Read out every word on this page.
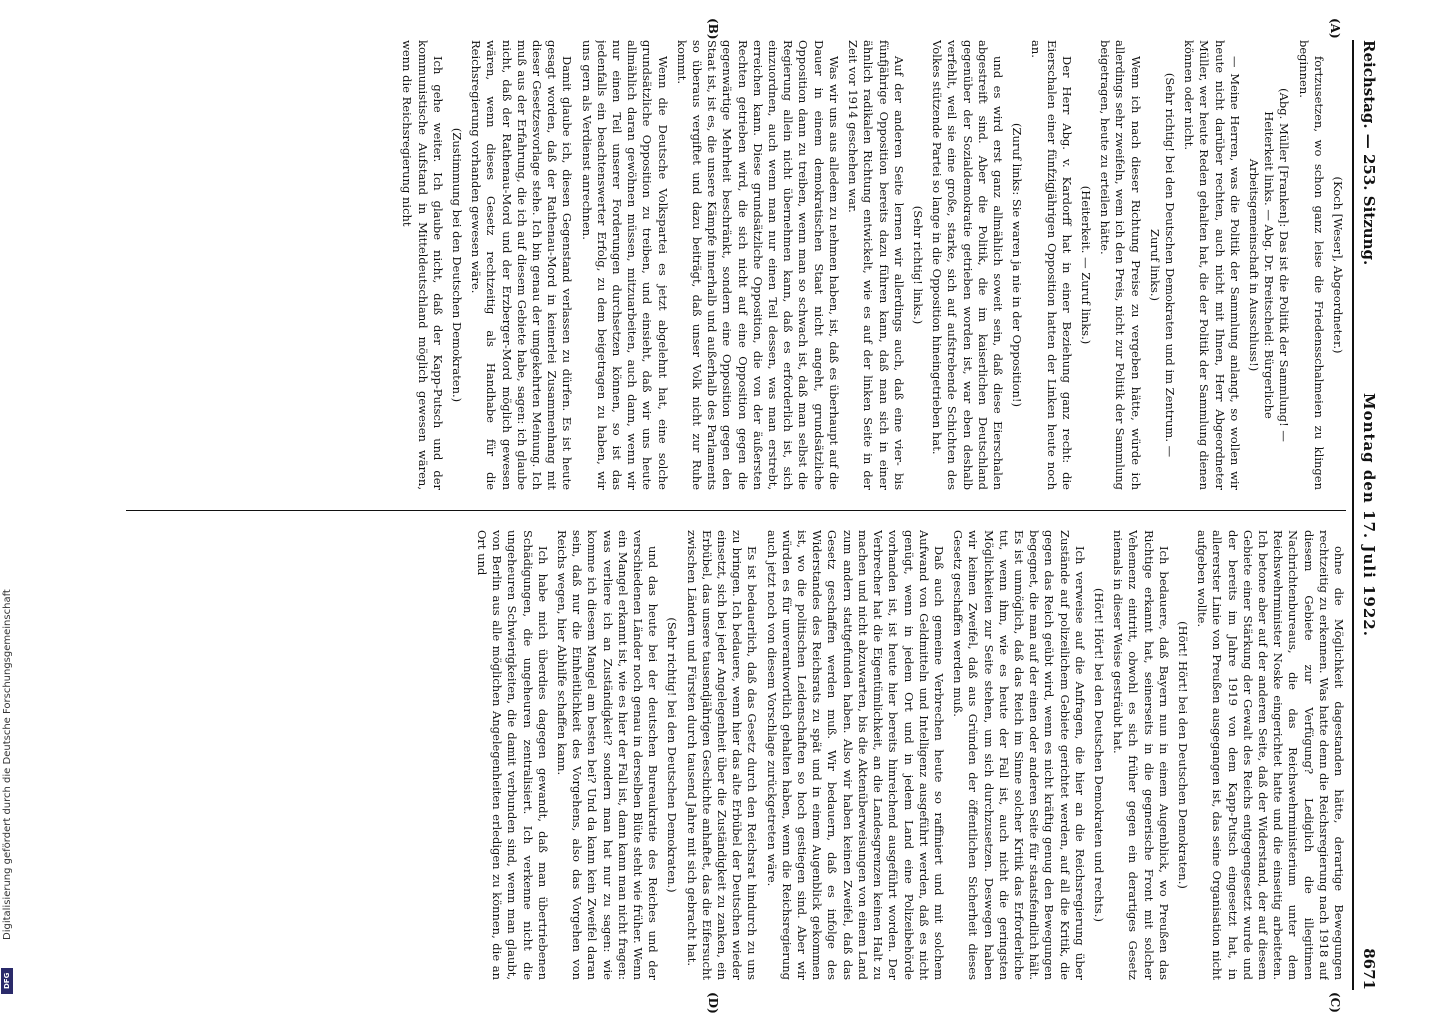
Reichstag. — 253. Sitzung.
Montag den 17. Juli 1922.
8671

(Koch [Weser], Abgeordneter.)

fortzusetzen, wo schon ganz leise die Friedensschalmeien zu klingen beginnen.

(Abg. Müller [Franken]: Das ist die Politik der Sammlung! — Heiterkeit links. — Abg. Dr. Breitscheid: Bürgerliche Arbeitsgemeinschaft in Ausschluss!)

— Meine Herren, was die Politik der Sammlung anlangt, so wollen wir heute nicht darüber rechten, auch nicht mit Ihnen, Herr Abgeordneter Müller, wer heute Reden gehalten hat, die der Politik der Sammlung dienen können oder nicht.

(Sehr richtig! bei den Deutschen Demokraten und im Zentrum. — Zuruf links.)

Wenn ich nach dieser Richtung Preise zu vergeben hätte, würde ich allerdings sehr zweifeln, wem ich den Preis, nicht zur Politik der Sammlung beigetragen, heute zu erteilen hätte.

(Heiterkeit. — Zuruf links.)

Der Herr Abg. v. Kardorff hat in einer Beziehung ganz recht: die Eierschalen einer fünfzigjährigen Opposition hatten der Linken heute noch an.

(Zuruf links: Sie waren ja nie in der Opposition!)

und es wird erst ganz allmählich soweit sein, daß diese Eierschalen abgestreift sind. Aber die Politik, die im kaiserlichen Deutschland gegenüber der Sozialdemokratie getrieben worden ist, war eben deshalb verfehlt, weil sie eine große, starke, sich auf aufstrebende Schichten des Volkes stützende Partei so lange in die Opposition hineingetrieben hat.

(Sehr richtig! links.)

Auf der anderen Seite lernen wir allerdings auch, daß eine vier- bis fünfjährige Opposition bereits dazu führen kann, daß man sich in einer ähnlich radikalen Richtung entwickelt, wie es auf der linken Seite in der Zeit vor 1914 geschehen war.

Was wir uns aus alledem zu nehmen haben, ist, daß es überhaupt auf die Dauer in einem demokratischen Staat nicht angeht, grundsätzliche Opposition dann zu treiben, wenn man so schwach ist, daß man selbst die Regierung allein nicht übernehmen kann, daß es erforderlich ist, sich einzuordnen, auch wenn man nur einen Teil dessen, was man erstrebt, erreichen kann. Diese grundsätzliche Opposition, die von der äußersten Rechten getrieben wird, die sich nicht auf eine Opposition gegen die gegenwärtige Mehrheit beschränkt, sondern eine Opposition gegen den Staat ist, ist es, die unsere Kämpfe innerhalb und außerhalb des Parlaments so überaus vergiftet und dazu beiträgt, daß unser Volk nicht zur Ruhe kommt.

Wenn die Deutsche Volkspartei es jetzt abgelehnt hat, eine solche grundsätzliche Opposition zu treiben, und einsieht, daß wir uns heute allmählich daran gewöhnen müssen, mitzuarbeiten, auch dann, wenn wir nur einen Teil unserer Forderungen durchsetzen können, so ist das jedenfalls ein beachtenswerter Erfolg, zu dem beigetragen zu haben, wir uns gern als Verdienst anrechnen.

Damit glaube ich, diesen Gegenstand verlassen zu dürfen. Es ist heute gesagt worden, daß der Rathenau-Mord in keinerlei Zusammenhang mit dieser Gesetzesvorlage stehe. Ich bin genau der umgekehrten Meinung. Ich muß aus der Erfahrung, die ich auf diesem Gebiete habe, sagen: ich glaube nicht, daß der Rathenau-Mord und der Erzberger-Mord möglich gewesen wären, wenn dieses Gesetz rechtzeitig als Handhabe für die Reichsregierung vorhanden gewesen wäre.

(Zustimmung bei den Deutschen Demokraten.)

Ich gehe weiter. Ich glaube nicht, daß der Kapp-Putsch und der kommunistische Aufstand in Mitteldeutschland möglich gewesen wären, wenn die Reichsregierung nicht

ohne die Möglichkeit dagestanden hätte, derartige Bewegungen rechtzeitig zu erkennen. Was hatte denn die Reichsregierung nach 1918 auf diesem Gebiete zur Verfügung? Lediglich die illegitimen Nachrichtenbureaus, die das Reichswehrministerium unter dem Reichswehrminister Noske eingerichtet hatte und die einseitig arbeiteten. Ich betone aber auf der anderen Seite, daß der Widerstand, der auf diesem Gebiete einer Stärkung der Gewalt des Reichs entgegengesetzt wurde und der bereits im Jahre 1919 von dem Kapp-Putsch eingesetzt hat, in allererster Linie von Preußen ausgegangen ist, das seine Organisation nicht aufgeben wollte.

(Hört! Hört! bei den Deutschen Demokraten.)

Ich bedauere, daß Bayern nun in einem Augenblick, wo Preußen das Richtige erkannt hat, seinerseits in die gegnerische Front mit solcher Vehemenz eintritt, obwohl es sich früher gegen ein derartiges Gesetz niemals in dieser Weise gesträubt hat.

(Hört! Hört! bei den Deutschen Demokraten und rechts.)

Ich verweise auf die Anfragen, die hier an die Reichsregierung über Zustände auf polizeilichem Gebiete gerichtet werden, auf all die Kritik, die gegen das Reich geübt wird, wenn es nicht kräftig genug den Bewegungen begegnet, die man auf der einen oder anderen Seite für staatsfeindlich hält. Es ist unmöglich, daß das Reich im Sinne solcher Kritik das Erforderliche tut, wenn ihm, wie es heute der Fall ist, auch nicht die geringsten Möglichkeiten zur Seite stehen, um sich durchzusetzen. Deswegen haben wir keinen Zweifel, daß aus Gründen der öffentlichen Sicherheit dieses Gesetz geschaffen werden muß.

Daß auch gemeine Verbrechen heute so raffiniert und mit solchem Aufwand von Geldmitteln und Intelligenz ausgeführt werden, daß es nicht genügt, wenn in jedem Ort und in jedem Land eine Polizeibehörde vorhanden ist, ist heute hier bereits hinreichend ausgeführt worden. Der Verbrecher hat die Eigentümlichkeit, an die Landesgrenzen keinen Halt zu machen und nicht abzuwarten, bis die Aktenüberweisungen von einem Land zum andern stattgefunden haben. Also wir haben keinen Zweifel, daß das Gesetz geschaffen werden muß. Wir bedauern, daß es infolge des Widerstandes des Reichsrats zu spät und in einem Augenblick gekommen ist, wo die politischen Leidenschaften so hoch gestiegen sind. Aber wir würden es für unverantwortlich gehalten haben, wenn die Reichsregierung auch jetzt noch von diesem Vorschlage zurückgetreten wäre.

Es ist bedauerlich, daß das Gesetz durch den Reichsrat hindurch zu uns zu bringen. Ich bedauere, wenn hier das alte Erbübel der Deutschen wieder einsetzt, sich bei jeder Angelegenheit über die Zuständigkeit zu zanken, ein Erbübel, das unsere tausendjährigen Geschichte anhaftet, das die Eifersucht zwischen Ländern und Fürsten durch tausend Jahre mit sich gebracht hat.

(Sehr richtig! bei den Deutschen Demokraten.)

und das heute bei der deutschen Bureaukratie des Reiches und der verschiedenen Länder noch genau in derselben Blüte steht wie früher. Wenn ein Mangel erkannt ist, wie es hier der Fall ist, dann kann man nicht fragen: was verliere ich an Zuständigkeit? sondern man hat nur zu sagen: wie komme ich diesem Mangel am besten bei? Und da kann kein Zweifel daran sein, daß nur die Einheitlichkeit des Vorgehens, also das Vorgehen von Reichs wegen, hier Abhilfe schaffen kann.

Ich habe mich überdies dagegen gewandt, daß man übertriebenen Schädigungen, die ungeheuren zentralisiert. Ich verkenne nicht die ungeheuren Schwierigkeiten, die damit verbunden sind, wenn man glaubt, von Berlin aus alle möglichen Angelegenheiten erledigen zu können, die an Ort und

(A)
(B)
(C)
(D)
Digitalisierung gefördert durch die Deutsche Forschungsgemeinschaft
DFG
